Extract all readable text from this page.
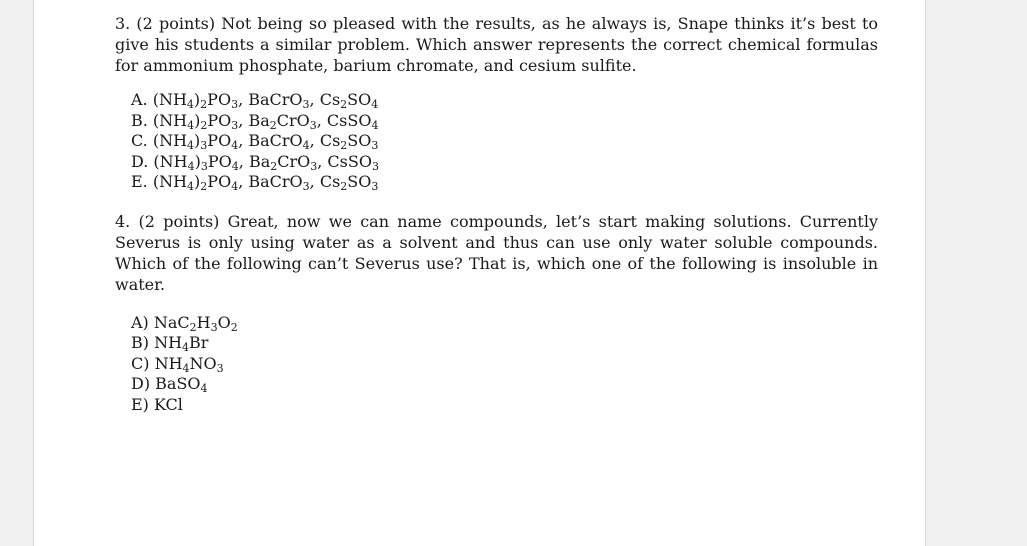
3. (2 points) Not being so pleased with the results, as he always is, Snape thinks it’s best to give his students a similar problem. Which answer represents the correct chemical formulas for ammonium phosphate, barium chromate, and cesium sulfite.

A. $(NH_4)_2PO_3$, BaCrO$_3$, $Cs_2SO_4$
B. $(NH_4)_2PO_3$, $Ba_2CrO_3$, CsSO$_4$
C. $(NH_4)_3PO_4$, BaCrO$_4$, $Cs_2SO_3$
D. $(NH_4)_3PO_4$, $Ba_2CrO_3$, CsSO$_3$
E. $(NH_4)_2PO_4$, BaCrO$_3$, $Cs_2SO_3$

4. (2 points) Great, now we can name compounds, let’s start making solutions. Currently Severus is only using water as a solvent and thus can use only water soluble compounds. Which of the following can’t Severus use? That is, which one of the following is insoluble in water.

A) $NaC_2H_3O_2$
B) $NH_4Br$
C) $NH_4NO_3$
D) BaSO$_4$
E) KCl
